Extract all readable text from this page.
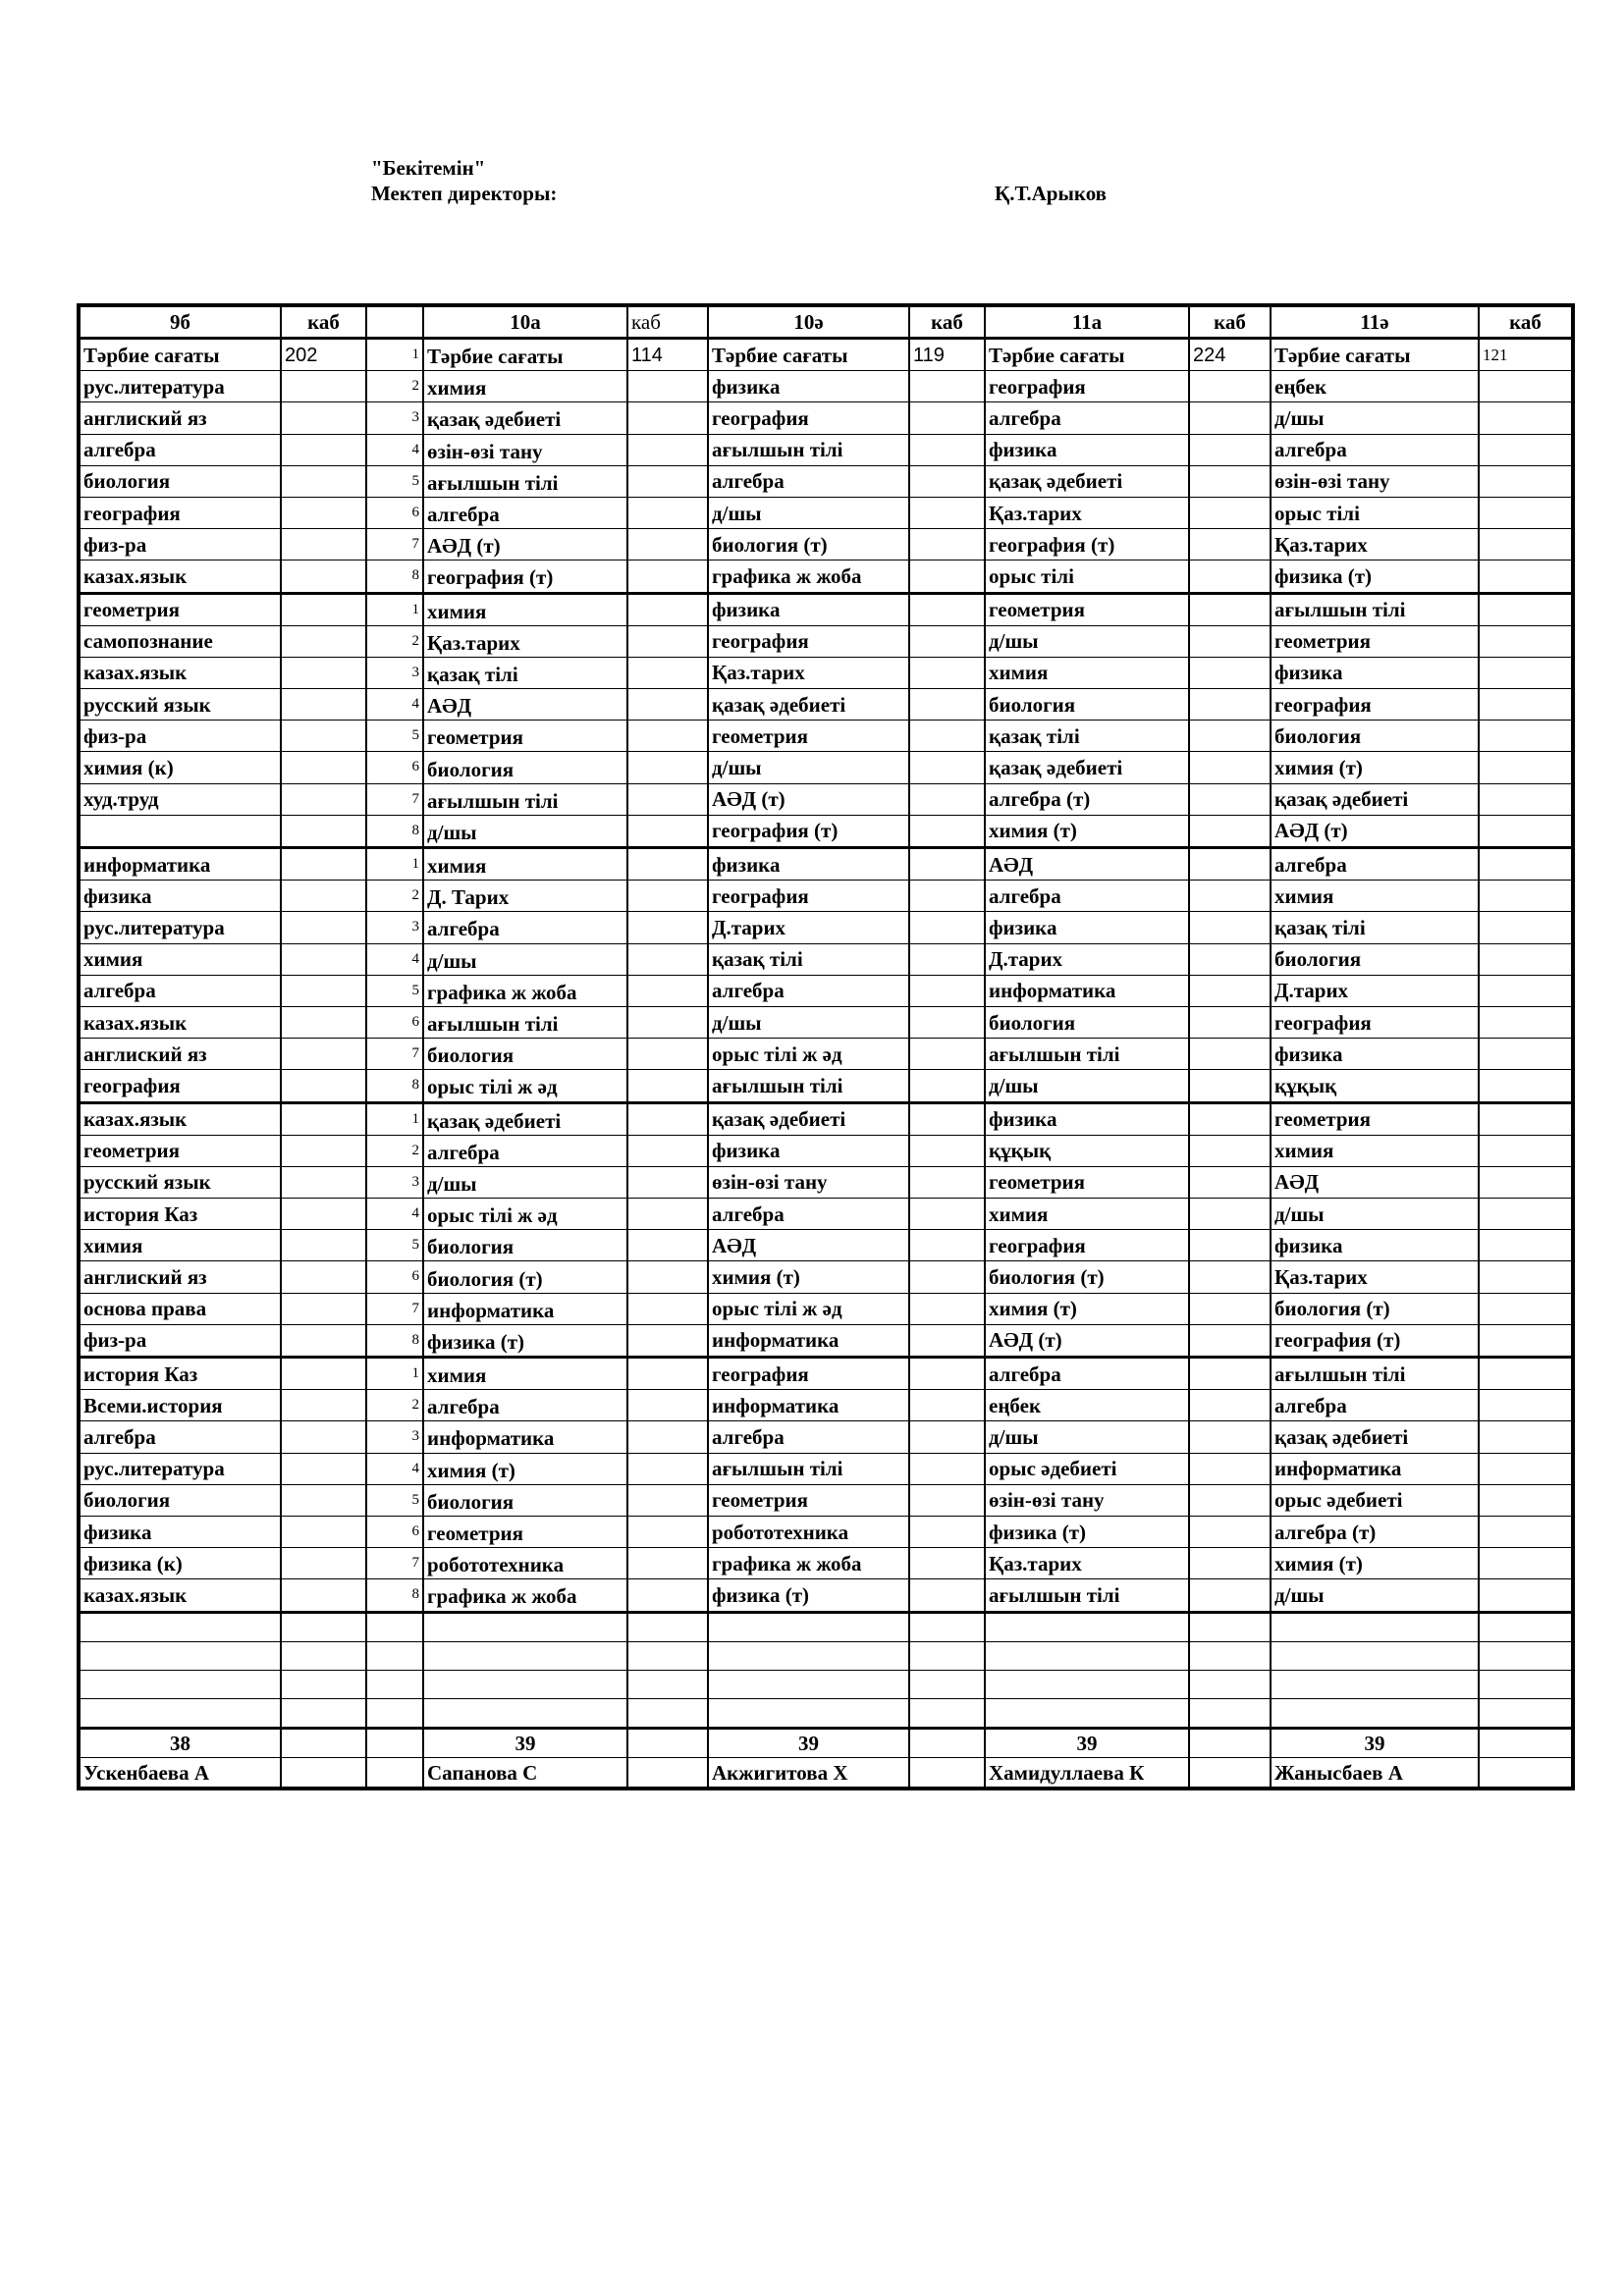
"Бекітемін"
Мектеп директоры:	Қ.Т.Арыков
9б	каб		10а	каб	10ә	каб	11а	каб	11ә	каб
Тәрбие сағаты	202	1	Тәрбие сағаты	114	Тәрбие сағаты	119	Тәрбие сағаты	224	Тәрбие сағаты	121
рус.литература		2	химия		физика		география		еңбек	
англиский яз		3	қазақ әдебиеті		география		алгебра		д/шы	
алгебра		4	өзін-өзі тану		ағылшын тілі		физика		алгебра	
биология		5	ағылшын тілі		алгебра		қазақ әдебиеті		өзін-өзі тану	
география		6	алгебра		д/шы		Қаз.тарих		орыс тілі	
физ-ра		7	АӘД (т)		биология (т)		география (т)		Қаз.тарих	
казах.язык		8	география (т)		графика ж жоба		орыс тілі		физика (т)	
геометрия		1	химия		физика		геометрия		ағылшын тілі	
самопознание		2	Қаз.тарих		география		д/шы		геометрия	
казах.язык		3	қазақ тілі		Қаз.тарих		химия		физика	
русский язык		4	АӘД		қазақ әдебиеті		биология		география	
физ-ра		5	геометрия		геометрия		қазақ тілі		биология	
химия (к)		6	биология		д/шы		қазақ әдебиеті		химия (т)	
худ.труд		7	ағылшын тілі		АӘД (т)		алгебра (т)		қазақ әдебиеті	
		8	д/шы		география (т)		химия (т)		АӘД (т)	
информатика		1	химия		физика		АӘД		алгебра	
физика		2	Д. Тарих		география		алгебра		химия	
рус.литература		3	алгебра		Д.тарих		физика		қазақ тілі	
химия		4	д/шы		қазақ тілі		Д.тарих		биология	
алгебра		5	графика ж жоба		алгебра		информатика		Д.тарих	
казах.язык		6	ағылшын тілі		д/шы		биология		география	
англиский яз		7	биология		орыс тілі ж әд		ағылшын тілі		физика	
география		8	орыс тілі ж әд		ағылшын тілі		д/шы		құқық	
казах.язык		1	қазақ әдебиеті		қазақ әдебиеті		физика		геометрия	
геометрия		2	алгебра		физика		құқық		химия	
русский язык		3	д/шы		өзін-өзі тану		геометрия		АӘД	
история Каз		4	орыс тілі ж әд		алгебра		химия		д/шы	
химия		5	биология		АӘД		география		физика	
англиский яз		6	биология (т)		химия (т)		биология (т)		Қаз.тарих	
основа права		7	информатика		орыс тілі ж әд		химия (т)		биология (т)	
физ-ра		8	физика (т)		информатика		АӘД (т)		география (т)	
история Каз		1	химия		география		алгебра		ағылшын тілі	
Всеми.история		2	алгебра		информатика		еңбек		алгебра	
алгебра		3	информатика		алгебра		д/шы		қазақ әдебиеті	
рус.литература		4	химия (т)		ағылшын тілі		орыс әдебиеті		информатика	
биология		5	биология		геометрия		өзін-өзі тану		орыс әдебиеті	
физика		6	геометрия		робототехника		физика (т)		алгебра (т)	
физика (к)		7	робототехника		графика ж жоба		Қаз.тарих		химия (т)	
казах.язык		8	графика ж жоба		физика (т)		ағылшын тілі		д/шы	

38			39		39		39		39	
Ускенбаева А			Сапанова С		Акжигитова Х		Хамидуллаева К		Жанысбаев А	
